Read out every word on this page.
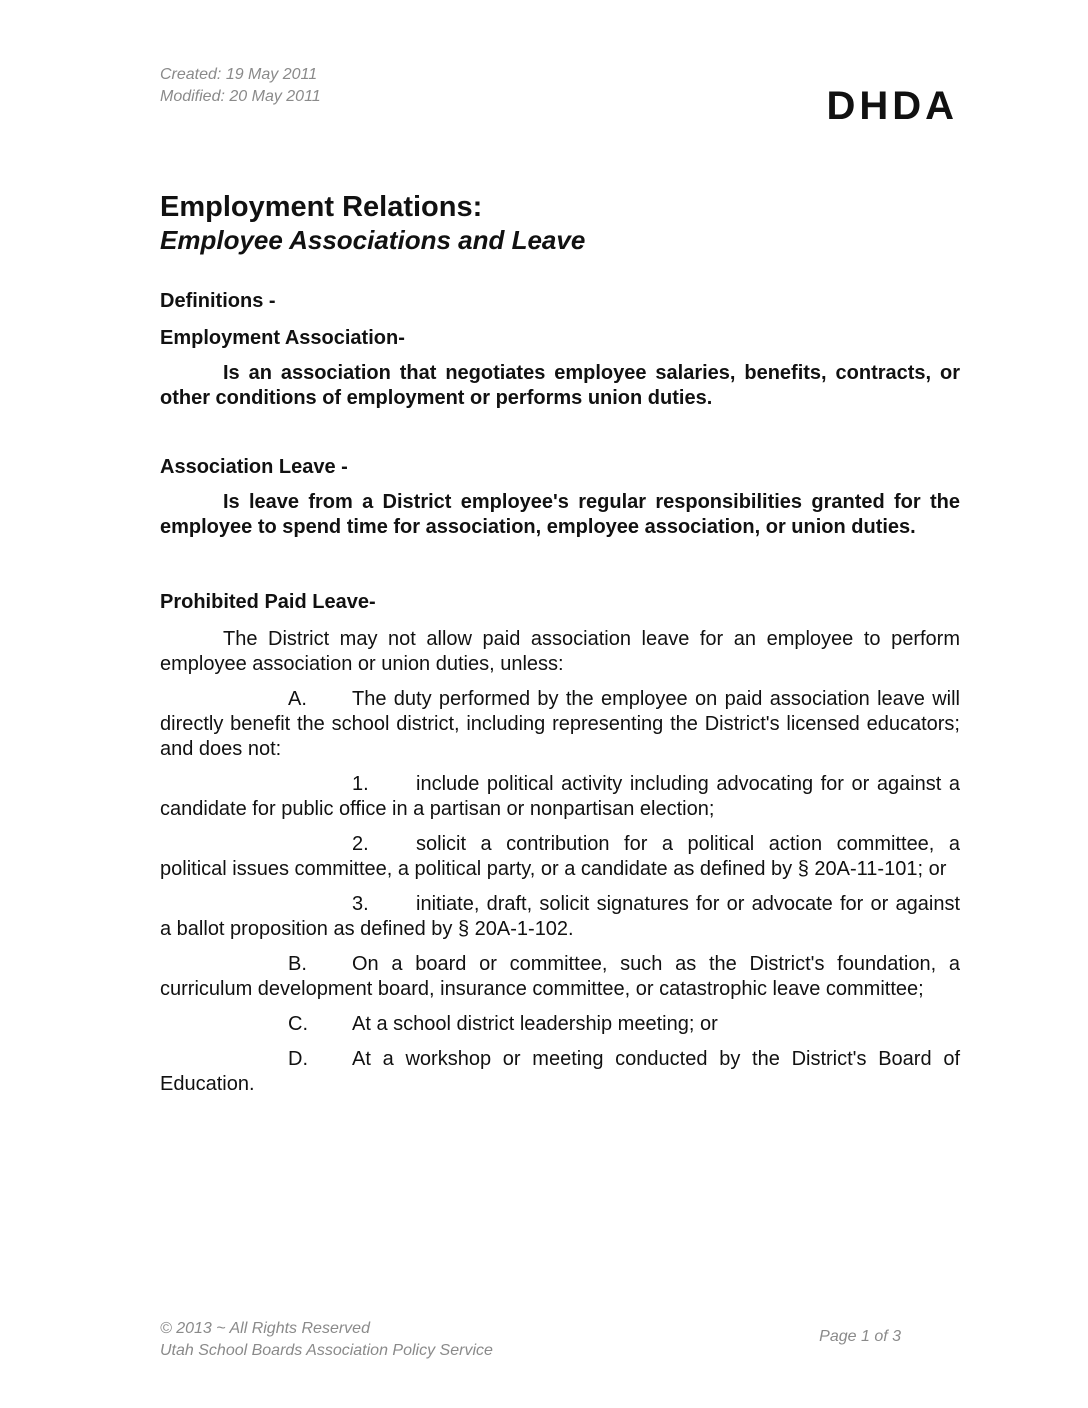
Created: 19 May 2011
Modified: 20 May 2011	DHDA
Employment Relations:
Employee Associations and Leave
Definitions -
Employment Association-

Is an association that negotiates employee salaries, benefits, contracts, or other conditions of employment or performs union duties.

Association Leave -

Is leave from a District employee's regular responsibilities granted for the employee to spend time for association, employee association, or union duties.

Prohibited Paid Leave-

The District may not allow paid association leave for an employee to perform employee association or union duties, unless:

A. The duty performed by the employee on paid association leave will directly benefit the school district, including representing the District's licensed educators; and does not:

1. include political activity including advocating for or against a candidate for public office in a partisan or nonpartisan election;

2. solicit a contribution for a political action committee, a political issues committee, a political party, or a candidate as defined by § 20A-11-101; or

3. initiate, draft, solicit signatures for or advocate for or against a ballot proposition as defined by § 20A-1-102.

B. On a board or committee, such as the District's foundation, a curriculum development board, insurance committee, or catastrophic leave committee;

C. At a school district leadership meeting; or

D. At a workshop or meeting conducted by the District's Board of Education.

© 2013 ~ All Rights Reserved
Utah School Boards Association Policy Service
Page 1 of 3
